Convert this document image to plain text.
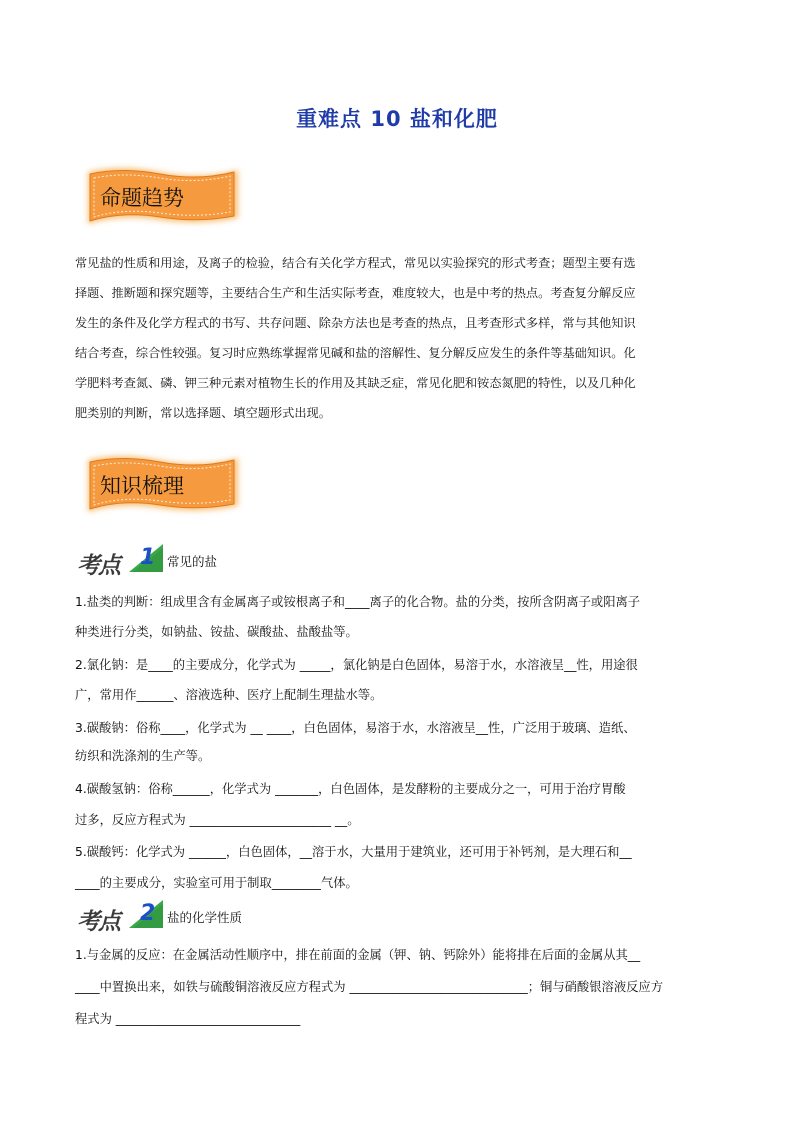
重难点 10 盐和化肥
命题趋势

常见盐的性质和用途，及离子的检验，结合有关化学方程式，常见以实验探究的形式考查；题型主要有选

择题、推断题和探究题等，主要结合生产和生活实际考查，难度较大，也是中考的热点。考查复分解反应

发生的条件及化学方程式的书写、共存问题、除杂方法也是考查的热点，且考查形式多样，常与其他知识

结合考查，综合性较强。复习时应熟练掌握常见碱和盐的溶解性、复分解反应发生的条件等基础知识。化

学肥料考查氮、磷、钾三种元素对植物生长的作用及其缺乏症，常见化肥和铵态氮肥的特性，以及几种化

肥类别的判断，常以选择题、填空题形式出现。

知识梳理
考点 1 常见的盐
1.盐类的判断：组成里含有金属离子或铵根离子和____离子的化合物。盐的分类，按所含阴离子或阳离子
种类进行分类，如钠盐、铵盐、碳酸盐、盐酸盐等。
2.氯化钠：是____的主要成分，化学式为 _____，氯化钠是白色固体，易溶于水，水溶液呈__性，用途很
广，常用作______、溶液选种、医疗上配制生理盐水等。
3.碳酸钠：俗称____，化学式为 __ ____，白色固体，易溶于水，水溶液呈__性，广泛用于玻璃、造纸、
纺织和洗涤剂的生产等。
4.碳酸氢钠：俗称______，化学式为 _______，白色固体，是发酵粉的主要成分之一，可用于治疗胃酸
过多，反应方程式为 _______________________ __。
5.碳酸钙：化学式为 ______，白色固体，__溶于水，大量用于建筑业，还可用于补钙剂，是大理石和__
____的主要成分，实验室可用于制取________气体。
考点 2 盐的化学性质
1.与金属的反应：在金属活动性顺序中，排在前面的金属（钾、钠、钙除外）能将排在后面的金属从其__
____中置换出来，如铁与硫酸铜溶液反应方程式为 _____________________________；铜与硝酸银溶液反应方
程式为 ______________________________
